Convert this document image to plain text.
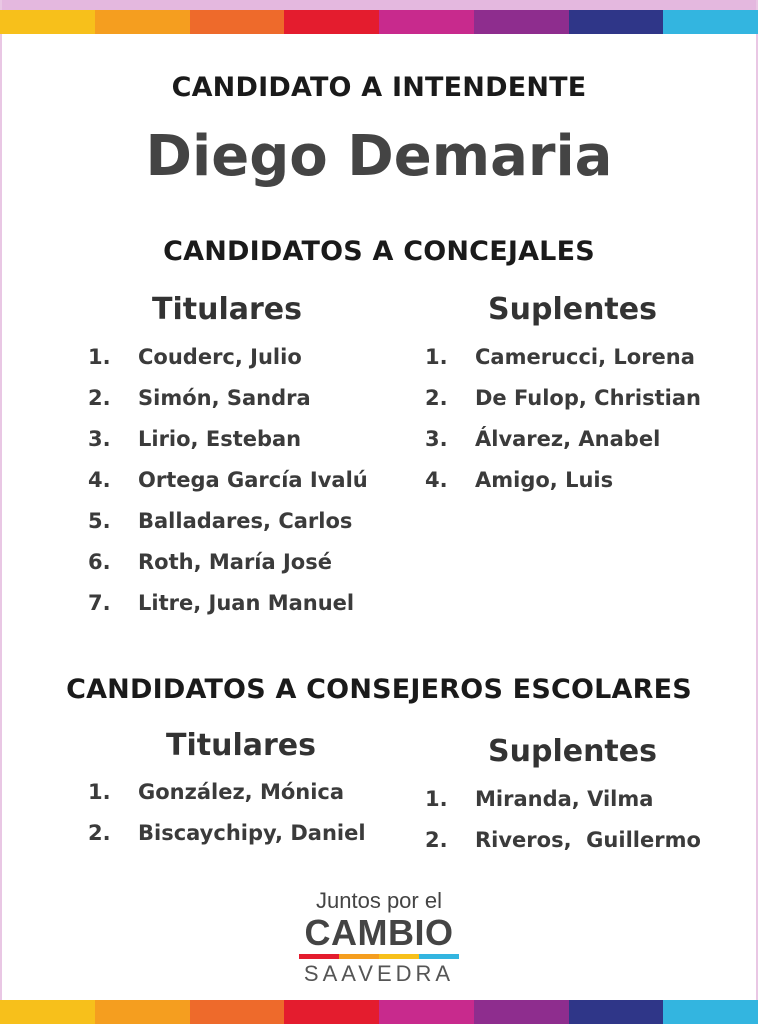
CANDIDATO A INTENDENTE
Diego Demaria
CANDIDATOS A CONCEJALES
Titulares	Suplentes
1. Couderc, Julio
2. Simón, Sandra
3. Lirio, Esteban
4. Ortega García Ivalú
5. Balladares, Carlos
6. Roth, María José
7. Litre, Juan Manuel
1. Camerucci, Lorena
2. De Fulop, Christian
3. Álvarez, Anabel
4. Amigo, Luis
CANDIDATOS A CONSEJEROS ESCOLARES
Titulares	Suplentes
1. González, Mónica
2. Biscaychipy, Daniel
1. Miranda, Vilma
2. Riveros,  Guillermo
Juntos por el
CAMBIO
SAAVEDRA
